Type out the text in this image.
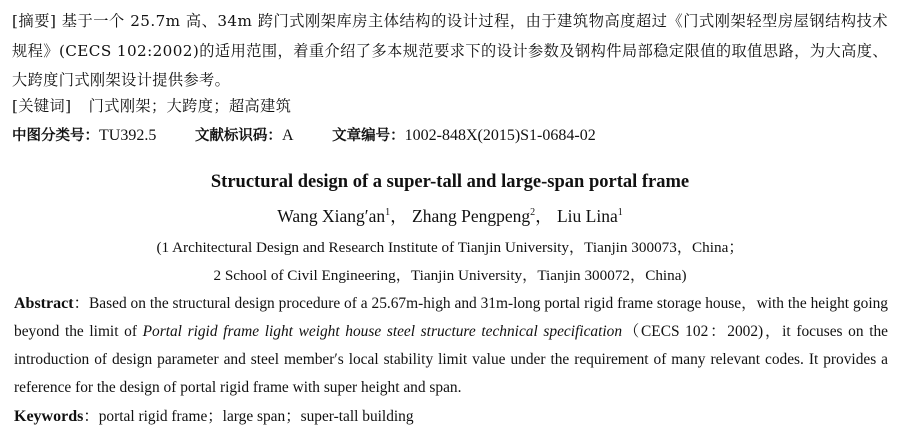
[摘要] 基于一个 25.7m 高、34m 跨门式刚架库房主体结构的设计过程，由于建筑物高度超过《门式刚架轻型房屋钢结构技术规程》(CECS 102:2002)的适用范围，着重介绍了多本规范要求下的设计参数及钢构件局部稳定限值的取值思路，为大高度、大跨度门式刚架设计提供参考。
[关键词] 门式刚架；大跨度；超高建筑
中图分类号：TU392.5	文献标识码：A	文章编号：1002-848X(2015)S1-0684-02
Structural design of a super-tall and large-span portal frame
Wang $Xiang'an^1$， Zhang Pengpeng$^2$， Liu Lina$^1$
(1 Architectural Design and Research Institute of Tianjin University，Tianjin 300073，China；
2 School of Civil Engineering，Tianjin University，Tianjin 300072，China)
Abstract：Based on the structural design procedure of a 25.67m-high and 31m-long portal rigid frame storage house，with the height going beyond the limit of Portal rigid frame light weight house steel structure technical specification（CECS 102：2002)，it focuses on the introduction of design parameter and steel member′s local stability limit value under the requirement of many relevant codes. It provides a reference for the design of portal rigid frame with super height and span.
Keywords：portal rigid frame；large span；super-tall building
